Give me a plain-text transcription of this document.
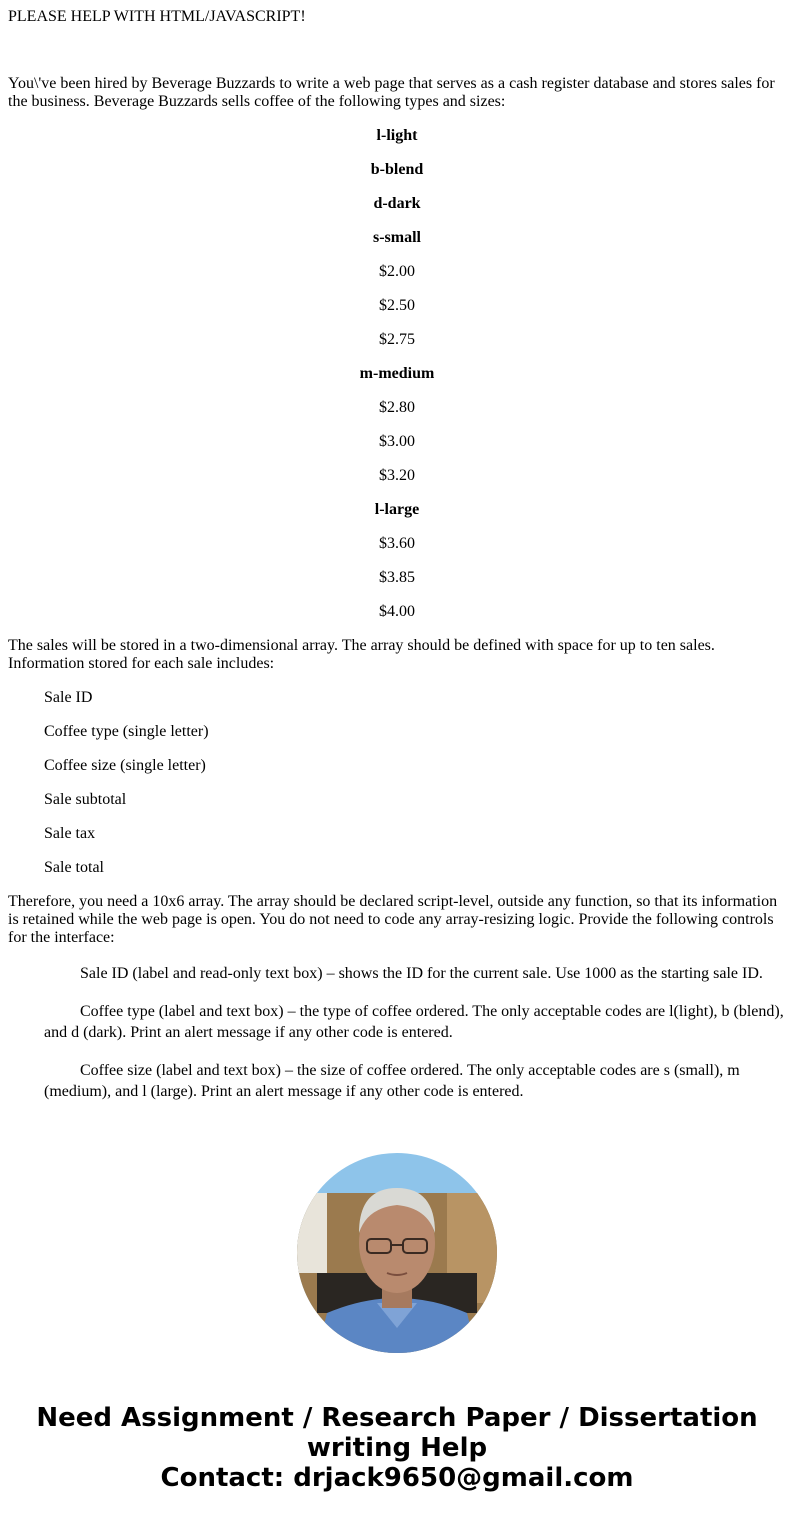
PLEASE HELP WITH HTML/JAVASCRIPT!

You\'ve been hired by Beverage Buzzards to write a web page that serves as a cash register database and stores sales for the business. Beverage Buzzards sells coffee of the following types and sizes:

l-light
b-blend
d-dark
s-small
$2.00
$2.50
$2.75
m-medium
$2.80
$3.00
$3.20
l-large
$3.60
$3.85
$4.00

The sales will be stored in a two-dimensional array. The array should be defined with space for up to ten sales. Information stored for each sale includes:

Sale ID
Coffee type (single letter)
Coffee size (single letter)
Sale subtotal
Sale tax
Sale total

Therefore, you need a 10x6 array. The array should be declared script-level, outside any function, so that its information is retained while the web page is open. You do not need to code any array-resizing logic. Provide the following controls for the interface:

Sale ID (label and read-only text box) – shows the ID for the current sale. Use 1000 as the starting sale ID.

Coffee type (label and text box) – the type of coffee ordered. The only acceptable codes are l(light), b (blend), and d (dark). Print an alert message if any other code is entered.

Coffee size (label and text box) – the size of coffee ordered. The only acceptable codes are s (small), m (medium), and l (large). Print an alert message if any other code is entered.

Need Assignment / Research Paper / Dissertation
writing Help
Contact: drjack9650@gmail.com
